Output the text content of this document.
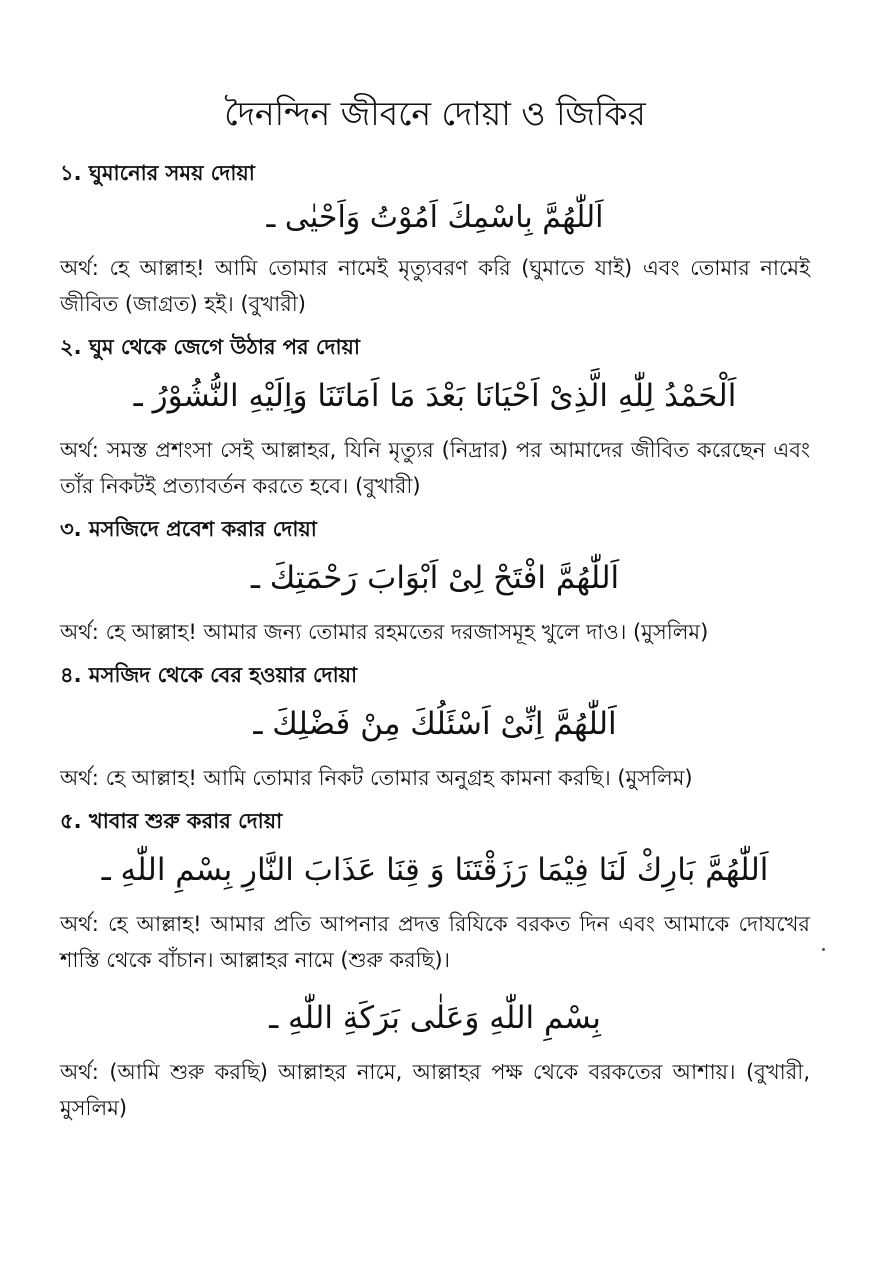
দৈনন্দিন জীবনে দোয়া ও জিকির
১. ঘুমানোর সময় দোয়া
اَللّٰهُمَّ بِاسْمِكَ اَمُوْتُ وَاَحْيٰى ـ

অর্থ: হে আল্লাহ! আমি তোমার নামেই মৃত্যুবরণ করি (ঘুমাতে যাই) এবং তোমার নামেই জীবিত (জাগ্রত) হই। (বুখারী)

২. ঘুম থেকে জেগে উঠার পর দোয়া
اَلْحَمْدُ لِلّٰهِ الَّذِىْ اَحْيَانَا بَعْدَ مَا اَمَاتَنَا وَاِلَيْهِ النُّشُوْرُ ـ

অর্থ: সমস্ত প্রশংসা সেই আল্লাহর, যিনি মৃত্যুর (নিদ্রার) পর আমাদের জীবিত করেছেন এবং তাঁর নিকটই প্রত্যাবর্তন করতে হবে। (বুখারী)

৩. মসজিদে প্রবেশ করার দোয়া
اَللّٰهُمَّ افْتَحْ لِىْ اَبْوَابَ رَحْمَتِكَ ـ

অর্থ: হে আল্লাহ! আমার জন্য তোমার রহমতের দরজাসমূহ খুলে দাও। (মুসলিম)

৪. মসজিদ থেকে বের হওয়ার দোয়া
اَللّٰهُمَّ اِنِّىْ اَسْئَلُكَ مِنْ فَضْلِكَ ـ

অর্থ: হে আল্লাহ! আমি তোমার নিকট তোমার অনুগ্রহ কামনা করছি। (মুসলিম)

৫. খাবার শুরু করার দোয়া
اَللّٰهُمَّ بَارِكْ لَنَا فِيْمَا رَزَقْتَنَا وَ قِنَا عَذَابَ النَّارِ بِسْمِ اللّٰهِ ـ

অর্থ: হে আল্লাহ! আমার প্রতি আপনার প্রদত্ত রিযিকে বরকত দিন এবং আমাকে দোযখের শাস্তি থেকে বাঁচান। আল্লাহর নামে (শুরু করছি)।

بِسْمِ اللّٰهِ وَعَلٰى بَرَكَةِ اللّٰهِ ـ

অর্থ: (আমি শুরু করছি) আল্লাহর নামে, আল্লাহর পক্ষ থেকে বরকতের আশায়। (বুখারী, মুসলিম)
